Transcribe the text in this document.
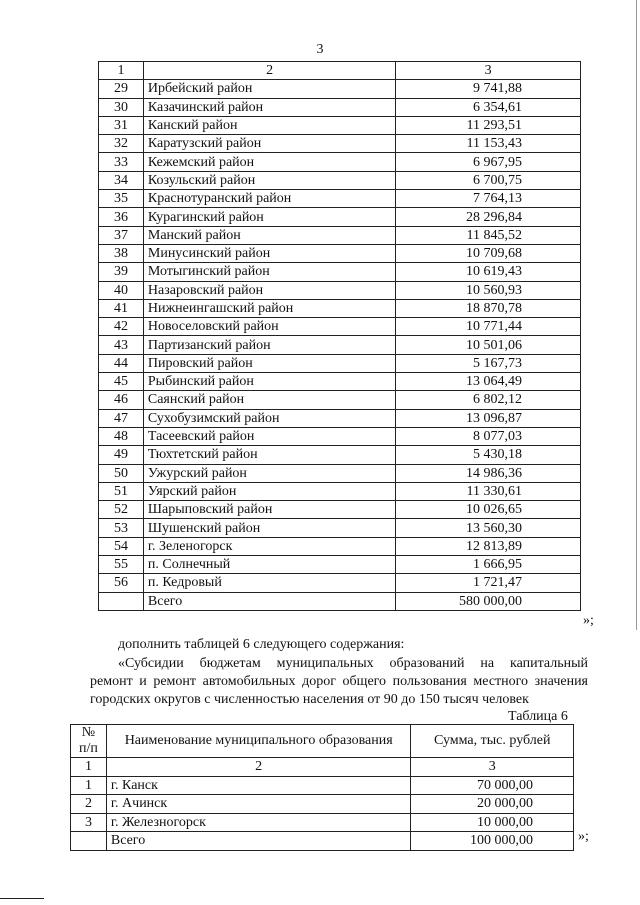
3
1	2	3
29	Ирбейский район	9 741,88
30	Казачинский район	6 354,61
31	Канский район	11 293,51
32	Каратузский район	11 153,43
33	Кежемский район	6 967,95
34	Козульский район	6 700,75
35	Краснотуранский район	7 764,13
36	Курагинский район	28 296,84
37	Манский район	11 845,52
38	Минусинский район	10 709,68
39	Мотыгинский район	10 619,43
40	Назаровский район	10 560,93
41	Нижнеингашский район	18 870,78
42	Новоселовский район	10 771,44
43	Партизанский район	10 501,06
44	Пировский район	5 167,73
45	Рыбинский район	13 064,49
46	Саянский район	6 802,12
47	Сухобузимский район	13 096,87
48	Тасеевский район	8 077,03
49	Тюхтетский район	5 430,18
50	Ужурский район	14 986,36
51	Уярский район	11 330,61
52	Шарыповский район	10 026,65
53	Шушенский район	13 560,30
54	г. Зеленогорск	12 813,89
55	п. Солнечный	1 666,95
56	п. Кедровый	1 721,47
	Всего	580 000,00
»;
дополнить таблицей 6 следующего содержания:
«Субсидии бюджетам муниципальных образований на капитальный
ремонт и ремонт автомобильных дорог общего пользования местного значения
городских округов с численностью населения от 90 до 150 тысяч человек
Таблица 6
№
п/п	Наименование муниципального образования	Сумма, тыс. рублей
1	2	3
1	г. Канск	70 000,00
2	г. Ачинск	20 000,00
3	г. Железногорск	10 000,00
	Всего	100 000,00	»;
